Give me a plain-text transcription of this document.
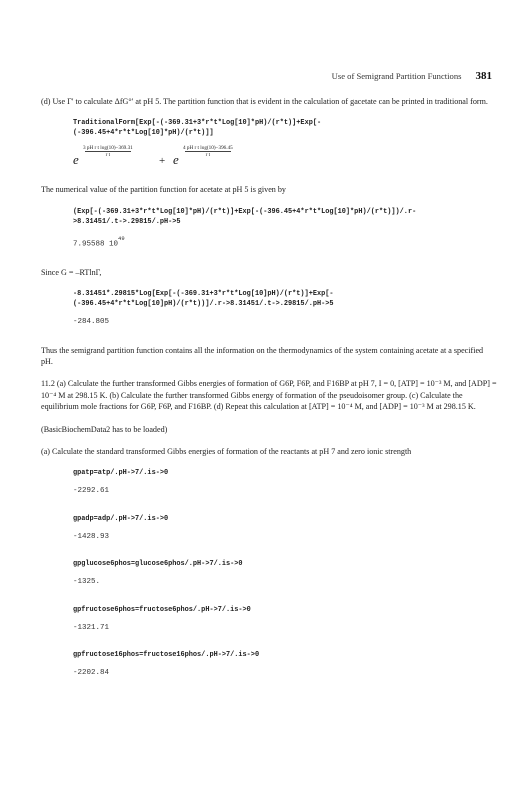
Use of Semigrand Partition Functions 381

(d) Use Γ′ to calculate ΔfG°′ at pH 5. The partition function that is evident in the calculation of gacetate can be printed in traditional form.

TraditionalForm[Exp[-(-369.31+3*r*t*Log[10]*pH)/(r*t)]+Exp[-
(-396.45+4*r*t*Log[10]*pH)/(r*t)]]
e
3 pH r t log(10)−369.31
r t	+ e
4 pH r t log(10)−396.45
r t

The numerical value of the partition function for acetate at pH 5 is given by

(Exp[-(-369.31+3*r*t*Log[10]*pH)/(r*t)]+Exp[-(-396.45+4*r*t*Log[10]*pH)/(r*t)])/.r-
>8.31451/.t->.29815/.pH->5
7.95588 $10^{49}$

Since G = –RTlnΓ,

-8.31451*.29815*Log[Exp[-(-369.31+3*r*t*Log[10]pH)/(r*t)]+Exp[-
(-396.45+4*r*t*Log[10]pH)/(r*t))]/.r->8.31451/.t->.29815/.pH->5
-284.805

Thus the semigrand partition function contains all the information on the thermodynamics of the system containing acetate at a specified pH.

11.2 (a) Calculate the further transformed Gibbs energies of formation of G6P, F6P, and F16BP at pH 7, I = 0, [ATP] = 10⁻³ M, and [ADP] = 10⁻⁴ M at 298.15 K. (b) Calculate the further transformed Gibbs energy of formation of the pseudoisomer group. (c) Calculate the equilibrium mole fractions for G6P, F6P, and F16BP. (d) Repeat this calculation at [ATP] = 10⁻⁴ M, and [ADP] = 10⁻³ M at 298.15 K.

(BasicBiochemData2 has to be loaded)

(a) Calculate the standard transformed Gibbs energies of formation of the reactants at pH 7 and zero ionic strength

gpatp=atp/.pH->7/.is->0
-2292.61
gpadp=adp/.pH->7/.is->0
-1428.93
gpglucose6phos=glucose6phos/.pH->7/.is->0
-1325.
gpfructose6phos=fructose6phos/.pH->7/.is->0
-1321.71
gpfructose16phos=fructose16phos/.pH->7/.is->0
-2202.84
